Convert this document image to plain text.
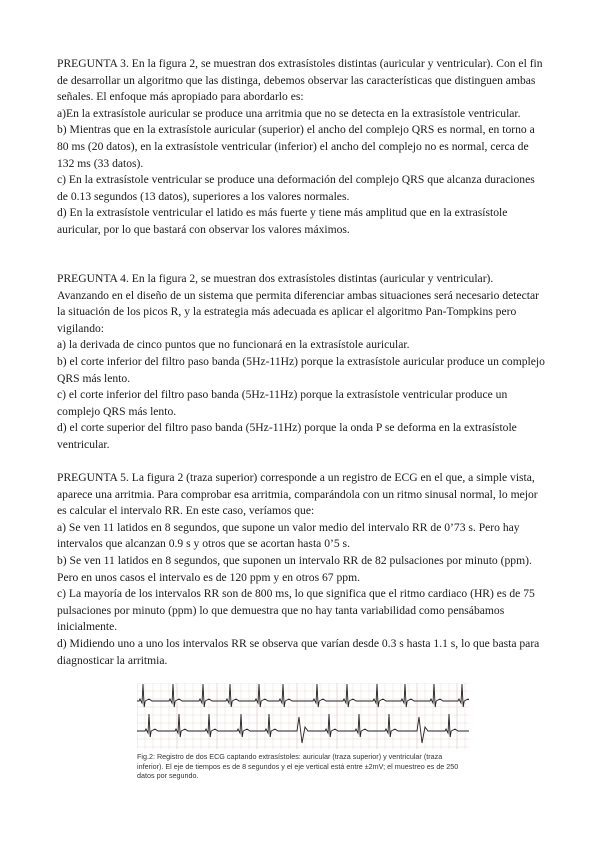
PREGUNTA 3. En la figura 2, se muestran dos extrasístoles distintas (auricular y ventricular). Con el fin de desarrollar un algoritmo que las distinga, debemos observar las características que distinguen ambas señales. El enfoque más apropiado para abordarlo es:

a)En la extrasístole auricular se produce una arritmia que no se detecta en la extrasístole ventricular.

b) Mientras que en la extrasístole auricular (superior) el ancho del complejo QRS es normal, en torno a 80 ms (20 datos), en la extrasístole ventricular (inferior) el ancho del complejo no es normal, cerca de 132 ms (33 datos).

c) En la extrasístole ventricular se produce una deformación del complejo QRS que alcanza duraciones de 0.13 segundos (13 datos), superiores a los valores normales.

d) En la extrasístole ventricular el latido es más fuerte y tiene más amplitud que en la extrasístole auricular, por lo que bastará con observar los valores máximos.

PREGUNTA 4. En la figura 2, se muestran dos extrasístoles distintas (auricular y ventricular). Avanzando en el diseño de un sistema que permita diferenciar ambas situaciones será necesario detectar la situación de los picos R, y la estrategia más adecuada es aplicar el algoritmo Pan-Tompkins pero vigilando:

a) la derivada de cinco puntos que no funcionará en la extrasístole auricular.

b) el corte inferior del filtro paso banda (5Hz-11Hz) porque la extrasístole auricular produce un complejo QRS más lento.

c) el corte inferior del filtro paso banda (5Hz-11Hz) porque la extrasístole ventricular produce un complejo QRS más lento.

d) el corte superior del filtro paso banda (5Hz-11Hz) porque la onda P se deforma en la extrasístole ventricular.

PREGUNTA 5. La figura 2 (traza superior) corresponde a un registro de ECG en el que, a simple vista, aparece una arritmia. Para comprobar esa arritmia, comparándola con un ritmo sinusal normal, lo mejor es calcular el intervalo RR. En este caso, veríamos que:

a) Se ven 11 latidos en 8 segundos, que supone un valor medio del intervalo RR de 0’73 s. Pero hay intervalos que alcanzan 0.9 s y otros que se acortan hasta 0’5 s.

b) Se ven 11 latidos en 8 segundos, que suponen un intervalo RR de 82 pulsaciones por minuto (ppm). Pero en unos casos el intervalo es de 120 ppm y en otros 67 ppm.

c) La mayoría de los intervalos RR son de 800 ms, lo que significa que el ritmo cardiaco (HR) es de 75 pulsaciones por minuto (ppm) lo que demuestra que no hay tanta variabilidad como pensábamos inicialmente.

d) Midiendo uno a uno los intervalos RR se observa que varían desde 0.3 s hasta 1.1 s, lo que basta para diagnosticar la arritmia.

Fig.2: Registro de dos ECG captando extrasístoles: auricular (traza superior) y ventricular (traza inferior). El eje de tiempos es de 8 segundos y el eje vertical está entre ±2mV; el muestreo es de 250 datos por segundo.
